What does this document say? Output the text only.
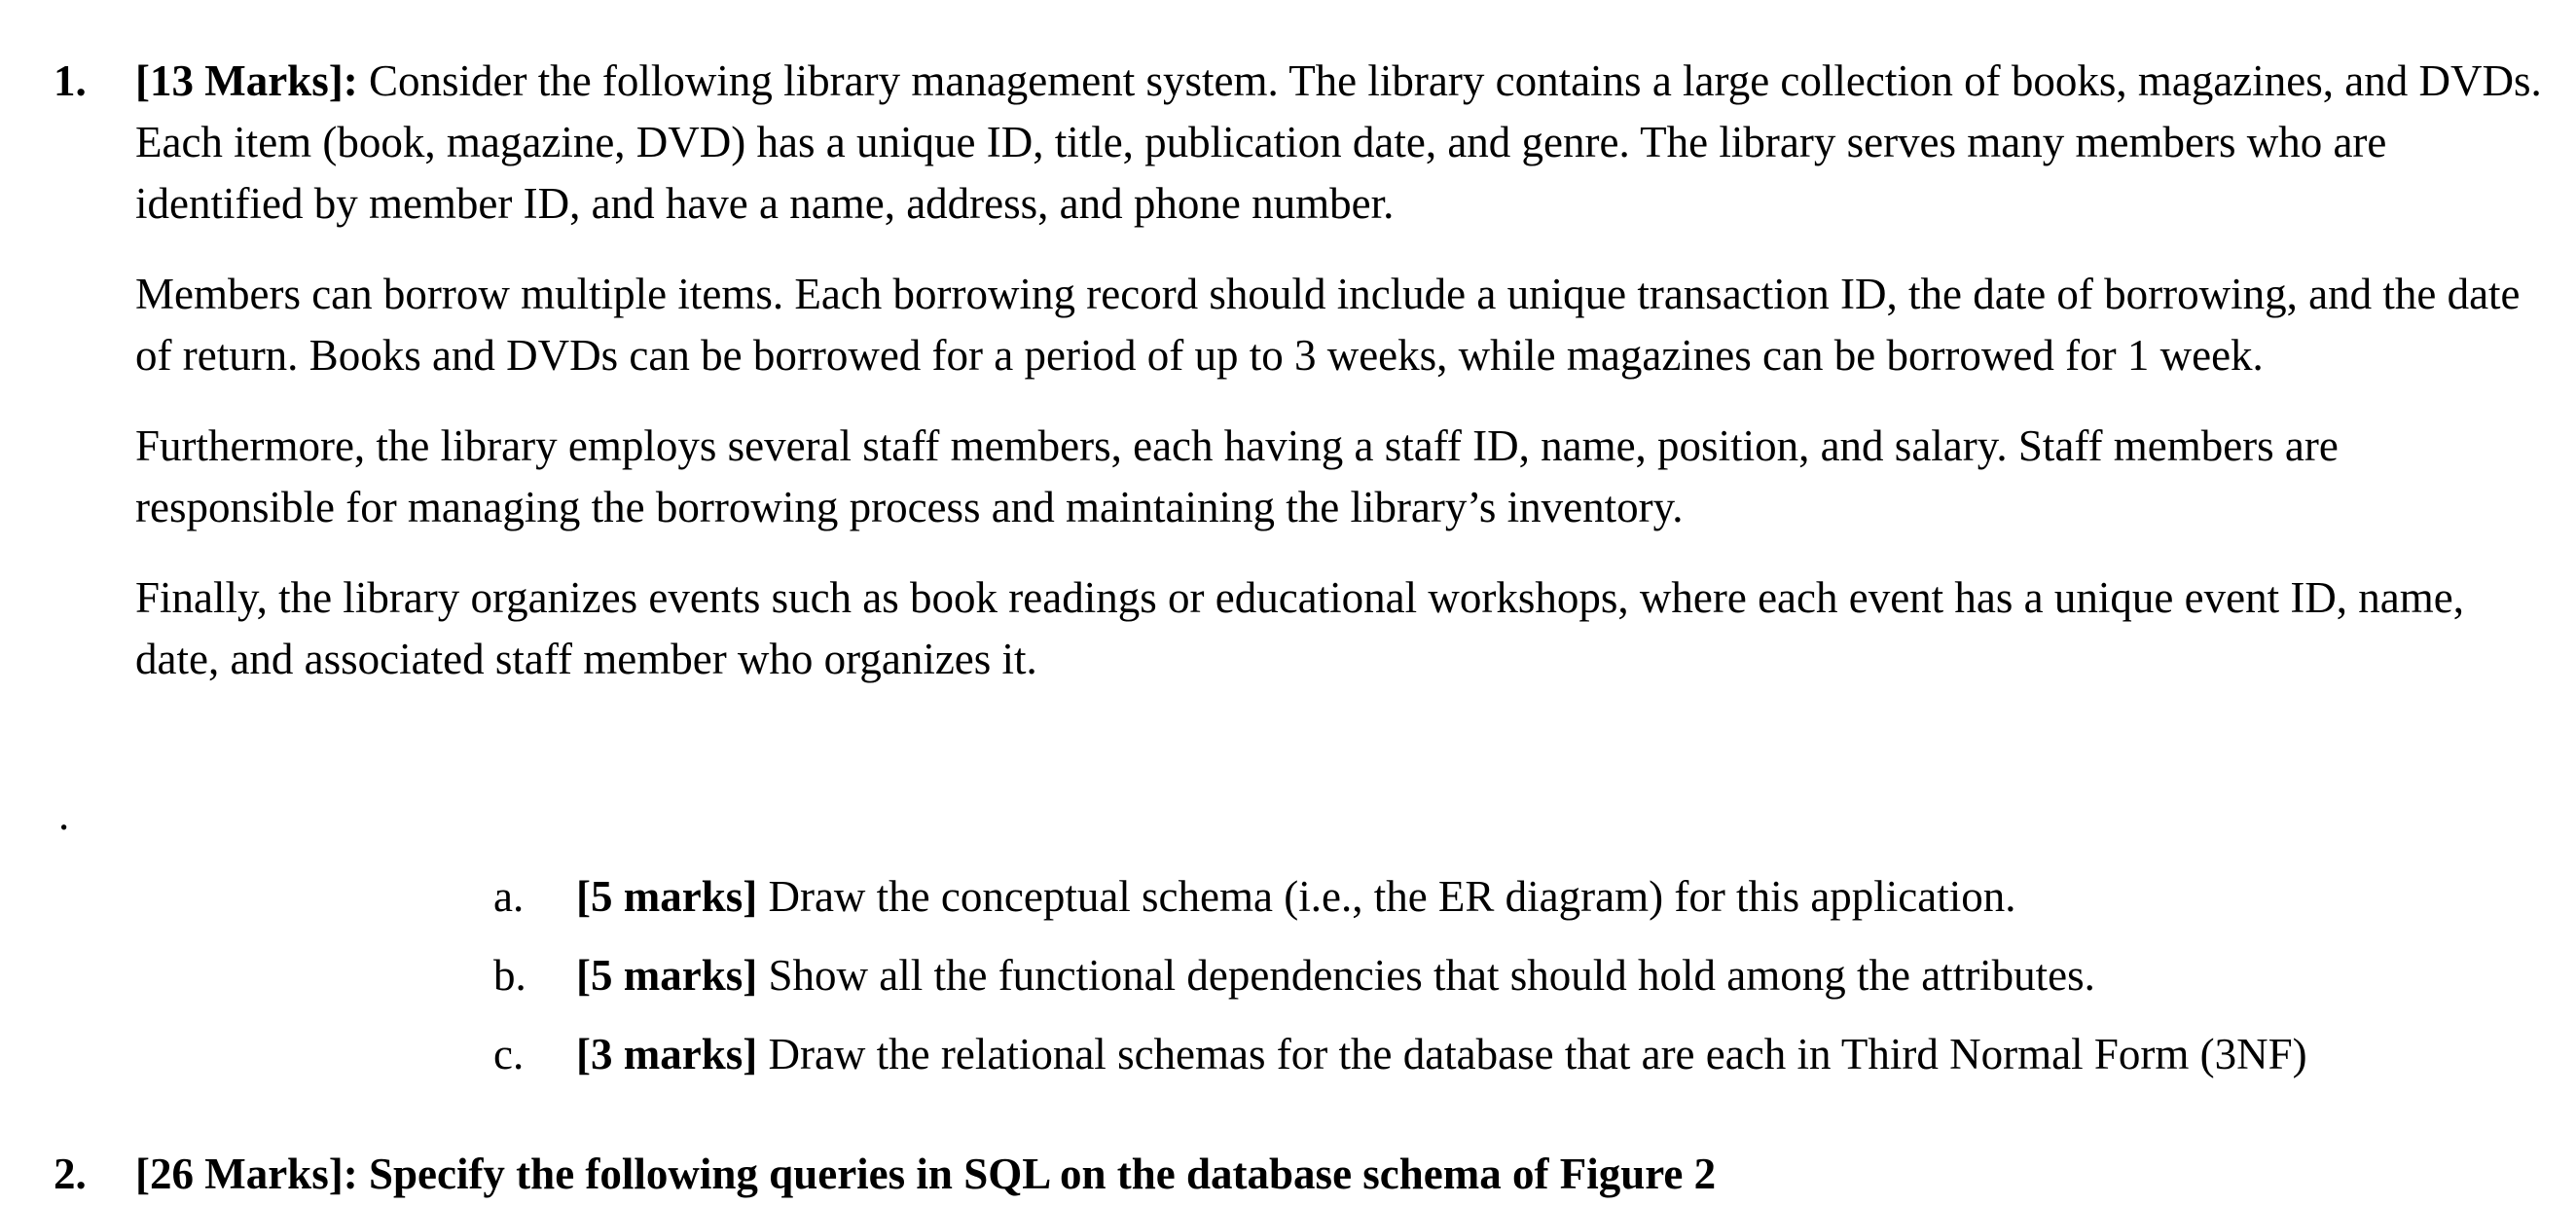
1. [13 Marks]: Consider the following library management system. The library contains a large collection of books, magazines, and DVDs. Each item (book, magazine, DVD) has a unique ID, title, publication date, and genre. The library serves many members who are identified by member ID, and have a name, address, and phone number.

Members can borrow multiple items. Each borrowing record should include a unique transaction ID, the date of borrowing, and the date of return. Books and DVDs can be borrowed for a period of up to 3 weeks, while magazines can be borrowed for 1 week.

Furthermore, the library employs several staff members, each having a staff ID, name, position, and salary. Staff members are responsible for managing the borrowing process and maintaining the library’s inventory.

Finally, the library organizes events such as book readings or educational workshops, where each event has a unique event ID, name, date, and associated staff member who organizes it.

.
a.	[5 marks] Draw the conceptual schema (i.e., the ER diagram) for this application.
b.	[5 marks] Show all the functional dependencies that should hold among the attributes.
c.	[3 marks] Draw the relational schemas for the database that are each in Third Normal Form (3NF)
2. [26 Marks]: Specify the following queries in SQL on the database schema of Figure 2
